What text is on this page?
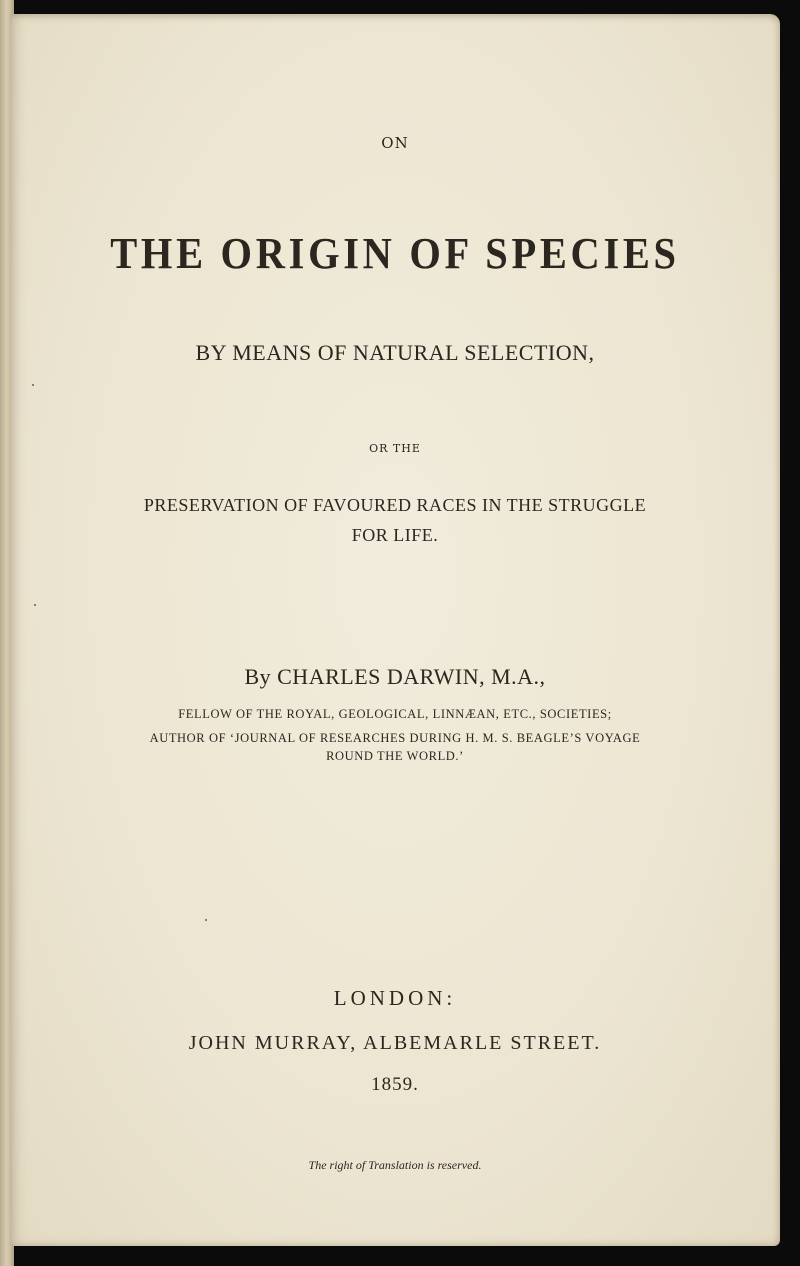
ON

THE ORIGIN OF SPECIES

BY MEANS OF NATURAL SELECTION,

OR THE

PRESERVATION OF FAVOURED RACES IN THE STRUGGLE

FOR LIFE.

By CHARLES DARWIN, M.A.,

FELLOW OF THE ROYAL, GEOLOGICAL, LINNÆAN, ETC., SOCIETIES;

AUTHOR OF ‘JOURNAL OF RESEARCHES DURING H. M. S. BEAGLE’S VOYAGE

ROUND THE WORLD.’

LONDON:

JOHN MURRAY, ALBEMARLE STREET.

1859.

The right of Translation is reserved.
